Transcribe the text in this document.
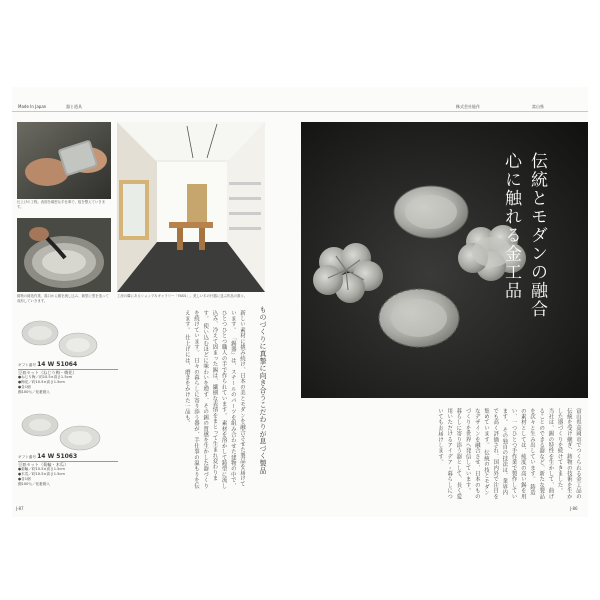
Made In Japan	器と道具	株式会社能作	富山県
仕上げの工程。表面を緻密な手仕事で、板を整えていきます。
鋳物の鋳造作業、湯口から錫を流し込み、鋳型に型を造って成形していきます。
工房の隣にあるショップ＆ギャラリー「FASS」。美しい木の什器に並ぶ作品の数々。
ものづくりに真摯に向き合うこだわりが息づく製品
新しい素材に挑み続け、日本の美とモダンを融合させた製品を届けています。 「錫器」は、スチールのパーツを組み合わせた建物の中で、ひとつひとつ職人の手で作られています。 素材を溶かして鋳型に流し込み、冷えて固まった錫は、繊細な表情をまとって生まれ変わります。 使い込むほどに味わいを増す、その錫の質感を生かした器づくりを続けています。 日々の暮らしに寄り添う器が、手仕事の温もりを伝えます。 仕上げには、磨きをかけた一品も。
ギフト番号 14 W 51064
豆皿セット（ねじり梅・梅花）
●ねじり梅／約10.5×高さ1.5cm
●梅花／約10.5×高さ1.5cm
●各1個
錫100％／化粧箱入
ギフト番号 14 W 51063
豆皿セット（菊輪・木瓜）
●菊輪／約10.5×高さ1.5cm
●木瓜／約10.5×高さ1.5cm
●各1個
錫100％／化粧箱入
J-87
伝統とモダンの融合
心に触れる金工品
富山県高岡市でつくられる金工品の伝統を受け継ぎ、鋳物の技術を生かした器づくりを続けてきました。 当社は、錫の特性を生かして、曲げることのできる器など、新たな製品を次々と生み出しています。 鋳造の素材としては、純度の高い錫を用い、一つひとつ手作業で製作しています。 その独自の技法は、業界内でも高く評価され、国内外で注目を集めています。 伝統の技とモダンなデザインを融合させ、日本のものづくりを世界へ発信しています。 暮らしに寄り添う器として、長く愛用いただけるアイデア・暮らしについてもお届けします。
J-86
